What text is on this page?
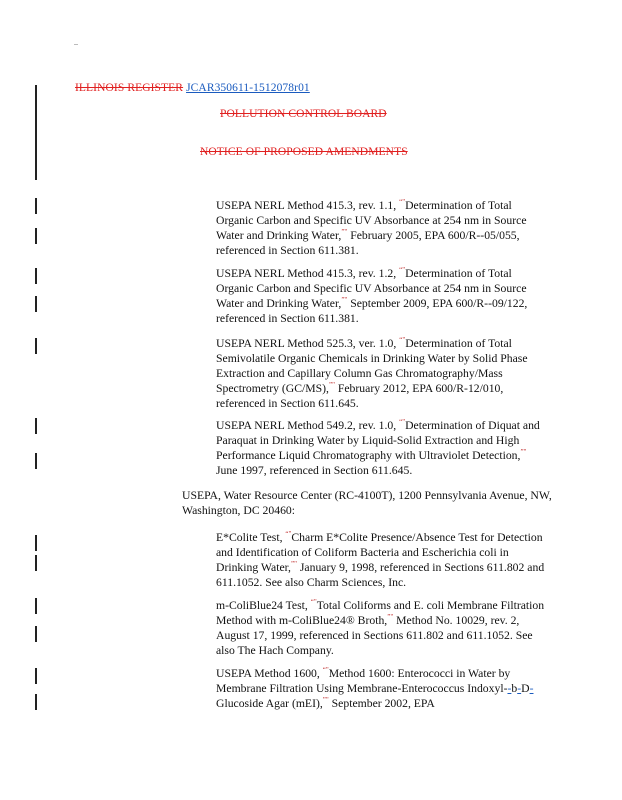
ILLINOIS REGISTER JCAR350611-1512078r01
POLLUTION CONTROL BOARD
NOTICE OF PROPOSED AMENDMENTS

USEPA NERL Method 415.3, rev. 1.1, “"Determination of Total Organic Carbon and Specific UV Absorbance at 254 nm in Source Water and Drinking Water,”" February 2005, EPA 600/R--05/055, referenced in Section 611.381.

USEPA NERL Method 415.3, rev. 1.2, “"Determination of Total Organic Carbon and Specific UV Absorbance at 254 nm in Source Water and Drinking Water,”" September 2009, EPA 600/R--09/122, referenced in Section 611.381.

USEPA NERL Method 525.3, ver. 1.0, “"Determination of Total Semivolatile Organic Chemicals in Drinking Water by Solid Phase Extraction and Capillary Column Gas Chromatography/Mass Spectrometry (GC/MS),”" February 2012, EPA 600/R-12/010, referenced in Section 611.645.

USEPA NERL Method 549.2, rev. 1.0, “"Determination of Diquat and Paraquat in Drinking Water by Liquid-Solid Extraction and High Performance Liquid Chromatography with Ultraviolet Detection,”" June 1997, referenced in Section 611.645.

USEPA, Water Resource Center (RC-4100T), 1200 Pennsylvania Avenue, NW, Washington, DC 20460:

E*Colite Test, “"Charm E*Colite Presence/Absence Test for Detection and Identification of Coliform Bacteria and Escherichia coli in Drinking Water,”" January 9, 1998, referenced in Sections 611.802 and 611.1052. See also Charm Sciences, Inc.

m-ColiBlue24 Test, “"Total Coliforms and E. coli Membrane Filtration Method with m-ColiBlue24® Broth,”" Method No. 10029, rev. 2, August 17, 1999, referenced in Sections 611.802 and 611.1052. See also The Hach Company.

USEPA Method 1600, “"Method 1600: Enterococci in Water by Membrane Filtration Using Membrane-Enterococcus Indoxyl--b-D-Glucoside Agar (mEI),”" September 2002, EPA
